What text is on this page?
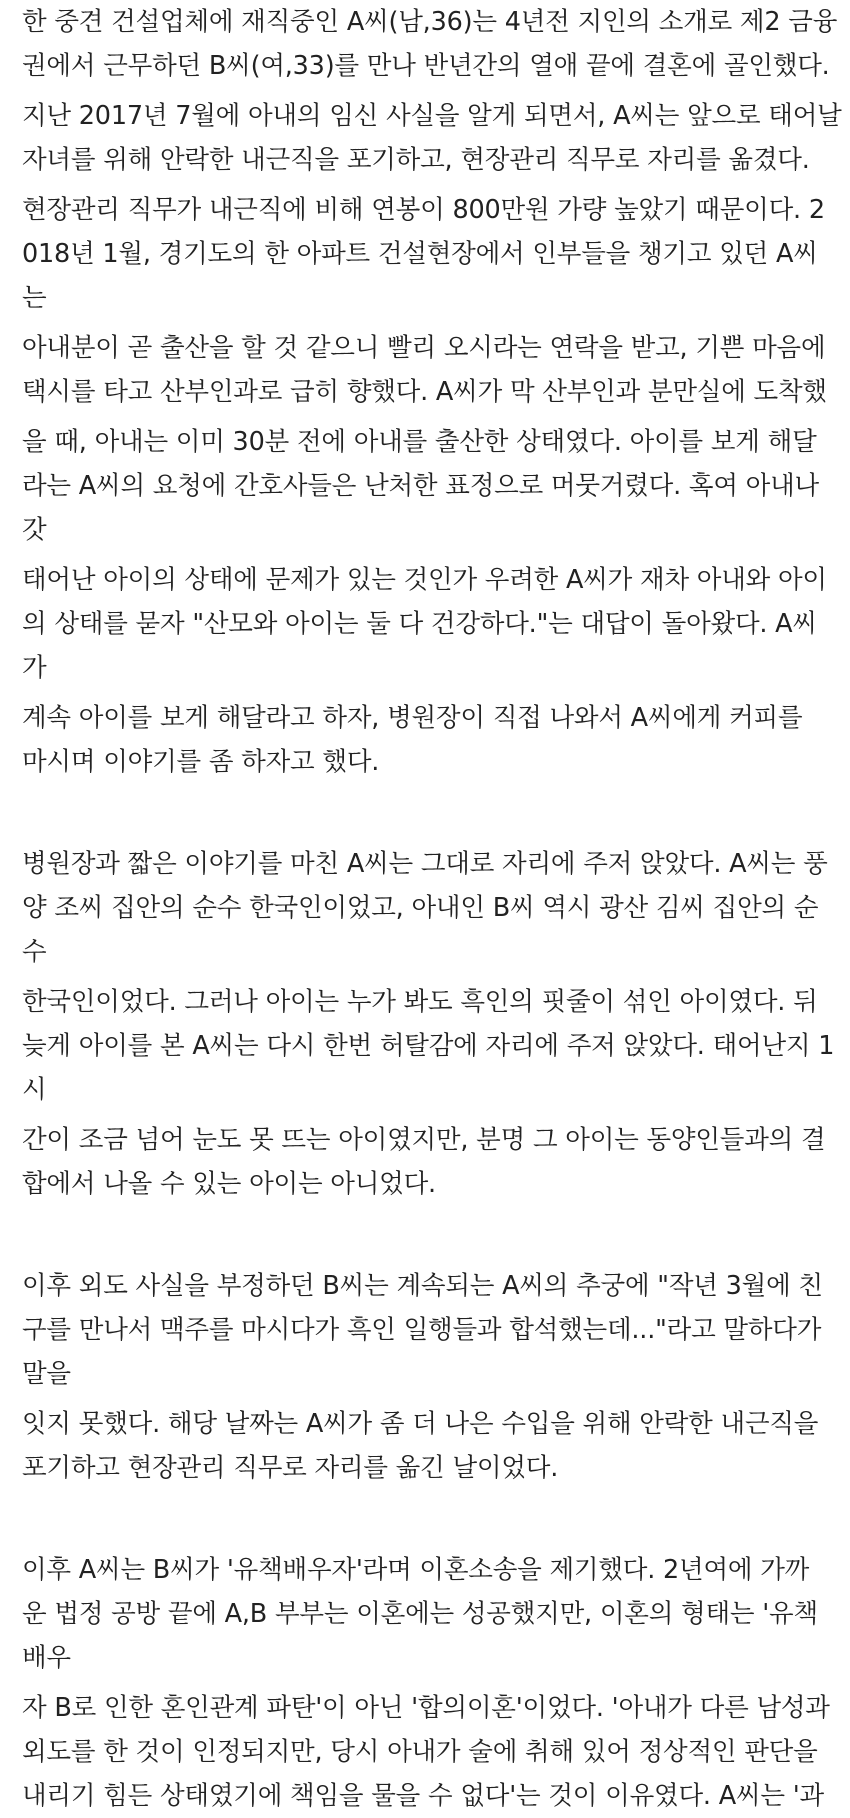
한 중견 건설업체에 재직중인 A씨(남,36)는 4년전 지인의 소개로 제2 금융
권에서 근무하던 B씨(여,33)를 만나 반년간의 열애 끝에 결혼에 골인했다.
지난 2017년 7월에 아내의 임신 사실을 알게 되면서, A씨는 앞으로 태어날
자녀를 위해 안락한 내근직을 포기하고, 현장관리 직무로 자리를 옮겼다.
현장관리 직무가 내근직에 비해 연봉이 800만원 가량 높았기 때문이다. 2
018년 1월, 경기도의 한 아파트 건설현장에서 인부들을 챙기고 있던 A씨
는
아내분이 곧 출산을 할 것 같으니 빨리 오시라는 연락을 받고, 기쁜 마음에
택시를 타고 산부인과로 급히 향했다. A씨가 막 산부인과 분만실에 도착했
을 때, 아내는 이미 30분 전에 아내를 출산한 상태였다. 아이를 보게 해달
라는 A씨의 요청에 간호사들은 난처한 표정으로 머뭇거렸다. 혹여 아내나
갓
태어난 아이의 상태에 문제가 있는 것인가 우려한 A씨가 재차 아내와 아이
의 상태를 묻자 "산모와 아이는 둘 다 건강하다."는 대답이 돌아왔다. A씨
가
계속 아이를 보게 해달라고 하자, 병원장이 직접 나와서 A씨에게 커피를
마시며 이야기를 좀 하자고 했다.
병원장과 짧은 이야기를 마친 A씨는 그대로 자리에 주저 앉았다. A씨는 풍
양 조씨 집안의 순수 한국인이었고, 아내인 B씨 역시 광산 김씨 집안의 순
수
한국인이었다. 그러나 아이는 누가 봐도 흑인의 핏줄이 섞인 아이였다. 뒤
늦게 아이를 본 A씨는 다시 한번 허탈감에 자리에 주저 앉았다. 태어난지 1
시
간이 조금 넘어 눈도 못 뜨는 아이였지만, 분명 그 아이는 동양인들과의 결
합에서 나올 수 있는 아이는 아니었다.
이후 외도 사실을 부정하던 B씨는 계속되는 A씨의 추궁에 "작년 3월에 친
구를 만나서 맥주를 마시다가 흑인 일행들과 합석했는데..."라고 말하다가
말을
잇지 못했다. 해당 날짜는 A씨가 좀 더 나은 수입을 위해 안락한 내근직을
포기하고 현장관리 직무로 자리를 옮긴 날이었다.
이후 A씨는 B씨가 '유책배우자'라며 이혼소송을 제기했다. 2년여에 가까
운 법정 공방 끝에 A,B 부부는 이혼에는 성공했지만, 이혼의 형태는 '유책
배우
자 B로 인한 혼인관계 파탄'이 아닌 '합의이혼'이었다. '아내가 다른 남성과
외도를 한 것이 인정되지만, 당시 아내가 술에 취해 있어 정상적인 판단을
내리기 힘든 상태였기에 책임을 물을 수 없다'는 것이 이유였다. A씨는 '과
